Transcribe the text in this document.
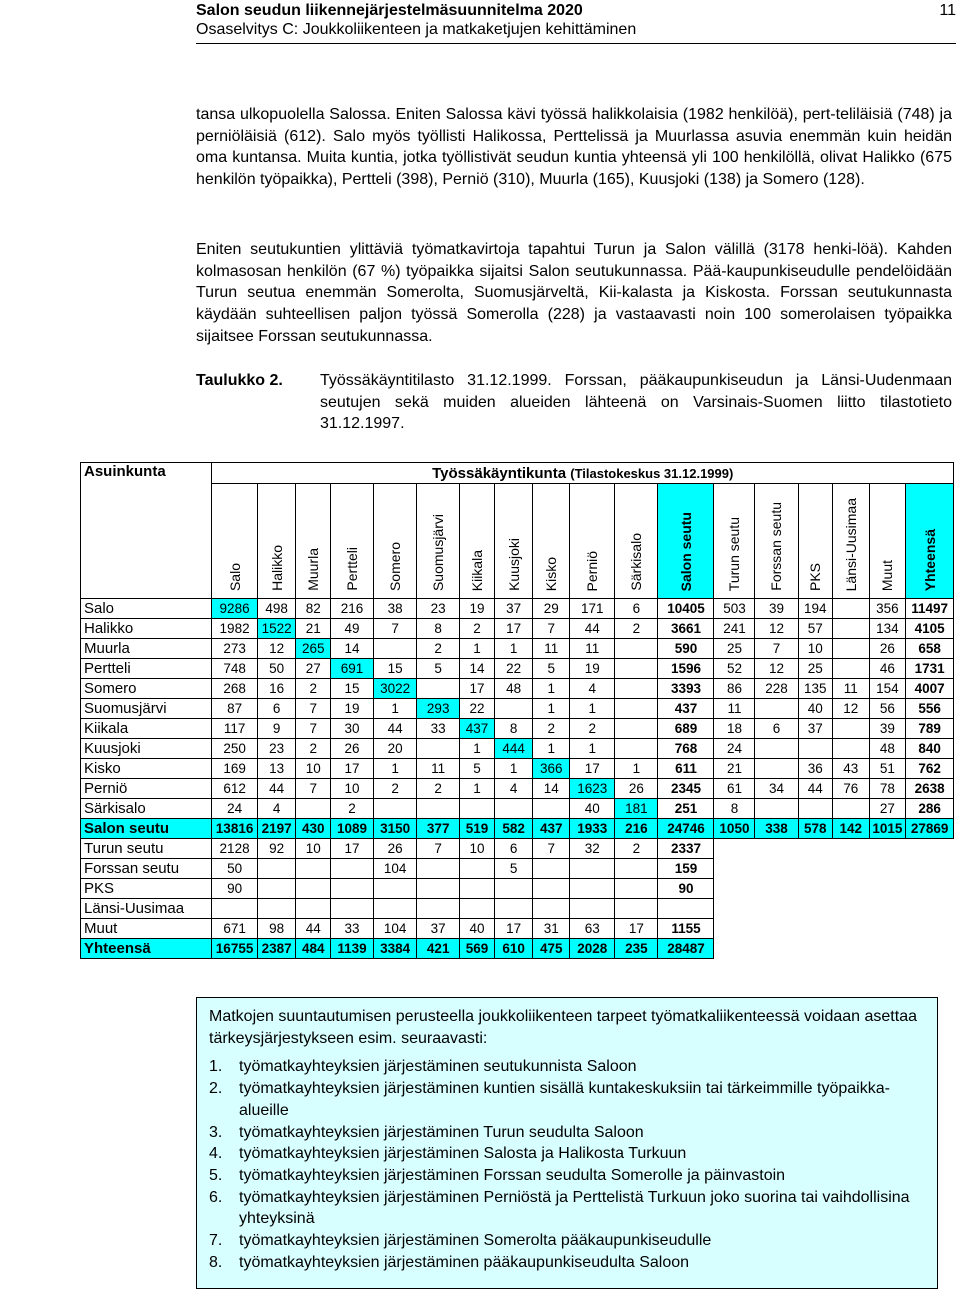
Salon seudun liikennejärjestelmäsuunnitelma 2020
Osaselvitys C: Joukkoliikenteen ja matkaketjujen kehittäminen
11
tansa ulkopuolella Salossa. Eniten Salossa kävi työssä halikkolaisia (1982 henkilöä), pert-teliläisiä (748) ja perniöläisiä (612). Salo myös työllisti Halikossa, Perttelissä ja Muurlassa asuvia enemmän kuin heidän oma kuntansa. Muita kuntia, jotka työllistivät seudun kuntia yhteensä yli 100 henkilöllä, olivat Halikko (675 henkilön työpaikka), Pertteli (398), Perniö (310), Muurla (165), Kuusjoki (138) ja Somero (128).
Eniten seutukuntien ylittäviä työmatkavirtoja tapahtui Turun ja Salon välillä (3178 henki-löä). Kahden kolmasosan henkilön (67 %) työpaikka sijaitsi Salon seutukunnassa. Pää-kaupunkiseudulle pendelöidään Turun seutua enemmän Somerolta, Suomusjärveltä, Kii-kalasta ja Kiskosta. Forssan seutukunnasta käydään suhteellisen paljon työssä Somerolla (228) ja vastaavasti noin 100 somerolaisen työpaikka sijaitsee Forssan seutukunnassa.
Taulukko 2. Työssäkäyntitilasto 31.12.1999. Forssan, pääkaupunkiseudun ja Länsi-Uudenmaan seutujen sekä muiden alueiden lähteenä on Varsinais-Suomen liitto tilastotieto 31.12.1997.
Asuinkunta	Työssäkäyntikunta (Tilastokeskus 31.12.1999)																	
	Salo	Halikko	Muurla	Pertteli	Somero	Suomusjärvi	Kiikala	Kuusjoki	Kisko	Perniö	Särkisalo	Salon seutu	Turun seutu	Forssan seutu	PKS	Länsi-Uusimaa	Muut	Yhteensä
Salo	9286	498	82	216	38	23	19	37	29	171	6	10405	503	39	194		356	11497
Halikko	1982	1522	21	49	7	8	2	17	7	44	2	3661	241	12	57		134	4105
Muurla	273	12	265	14		2	1	1	11	11		590	25	7	10		26	658
Pertteli	748	50	27	691	15	5	14	22	5	19		1596	52	12	25		46	1731
Somero	268	16	2	15	3022		17	48	1	4		3393	86	228	135	11	154	4007
Suomusjärvi	87	6	7	19	1	293	22		1	1		437	11		40	12	56	556
Kiikala	117	9	7	30	44	33	437	8	2	2		689	18	6	37		39	789
Kuusjoki	250	23	2	26	20		1	444	1	1		768	24				48	840
Kisko	169	13	10	17	1	11	5	1	366	17	1	611	21		36	43	51	762
Perniö	612	44	7	10	2	2	1	4	14	1623	26	2345	61	34	44	76	78	2638
Särkisalo	24	4		2						40	181	251	8				27	286
Salon seutu	13816	2197	430	1089	3150	377	519	582	437	1933	216	24746	1050	338	578	142	1015	27869
Turun seutu	2128	92	10	17	26	7	10	6	7	32	2	2337						
Forssan seutu	50				104			5				159						
PKS	90											90						
Länsi-Uusimaa																		
Muut	671	98	44	33	104	37	40	17	31	63	17	1155						
Yhteensä	16755	2387	484	1139	3384	421	569	610	475	2028	235	28487						

Matkojen suuntautumisen perusteella joukkoliikenteen tarpeet työmatkaliikenteessä voidaan asettaa tärkeysjärjestykseen esim. seuraavasti:

1. työmatkayhteyksien järjestäminen seutukunnista Saloon
2. työmatkayhteyksien järjestäminen kuntien sisällä kuntakeskuksiin tai tärkeimmille työpaikka-alueille
3. työmatkayhteyksien järjestäminen Turun seudulta Saloon
4. työmatkayhteyksien järjestäminen Salosta ja Halikosta Turkuun
5. työmatkayhteyksien järjestäminen Forssan seudulta Somerolle ja päinvastoin
6. työmatkayhteyksien järjestäminen Perniöstä ja Perttelistä Turkuun joko suorina tai vaihdollisina yhteyksinä
7. työmatkayhteyksien järjestäminen Somerolta pääkaupunkiseudulle
8. työmatkayhteyksien järjestäminen pääkaupunkiseudulta Saloon
